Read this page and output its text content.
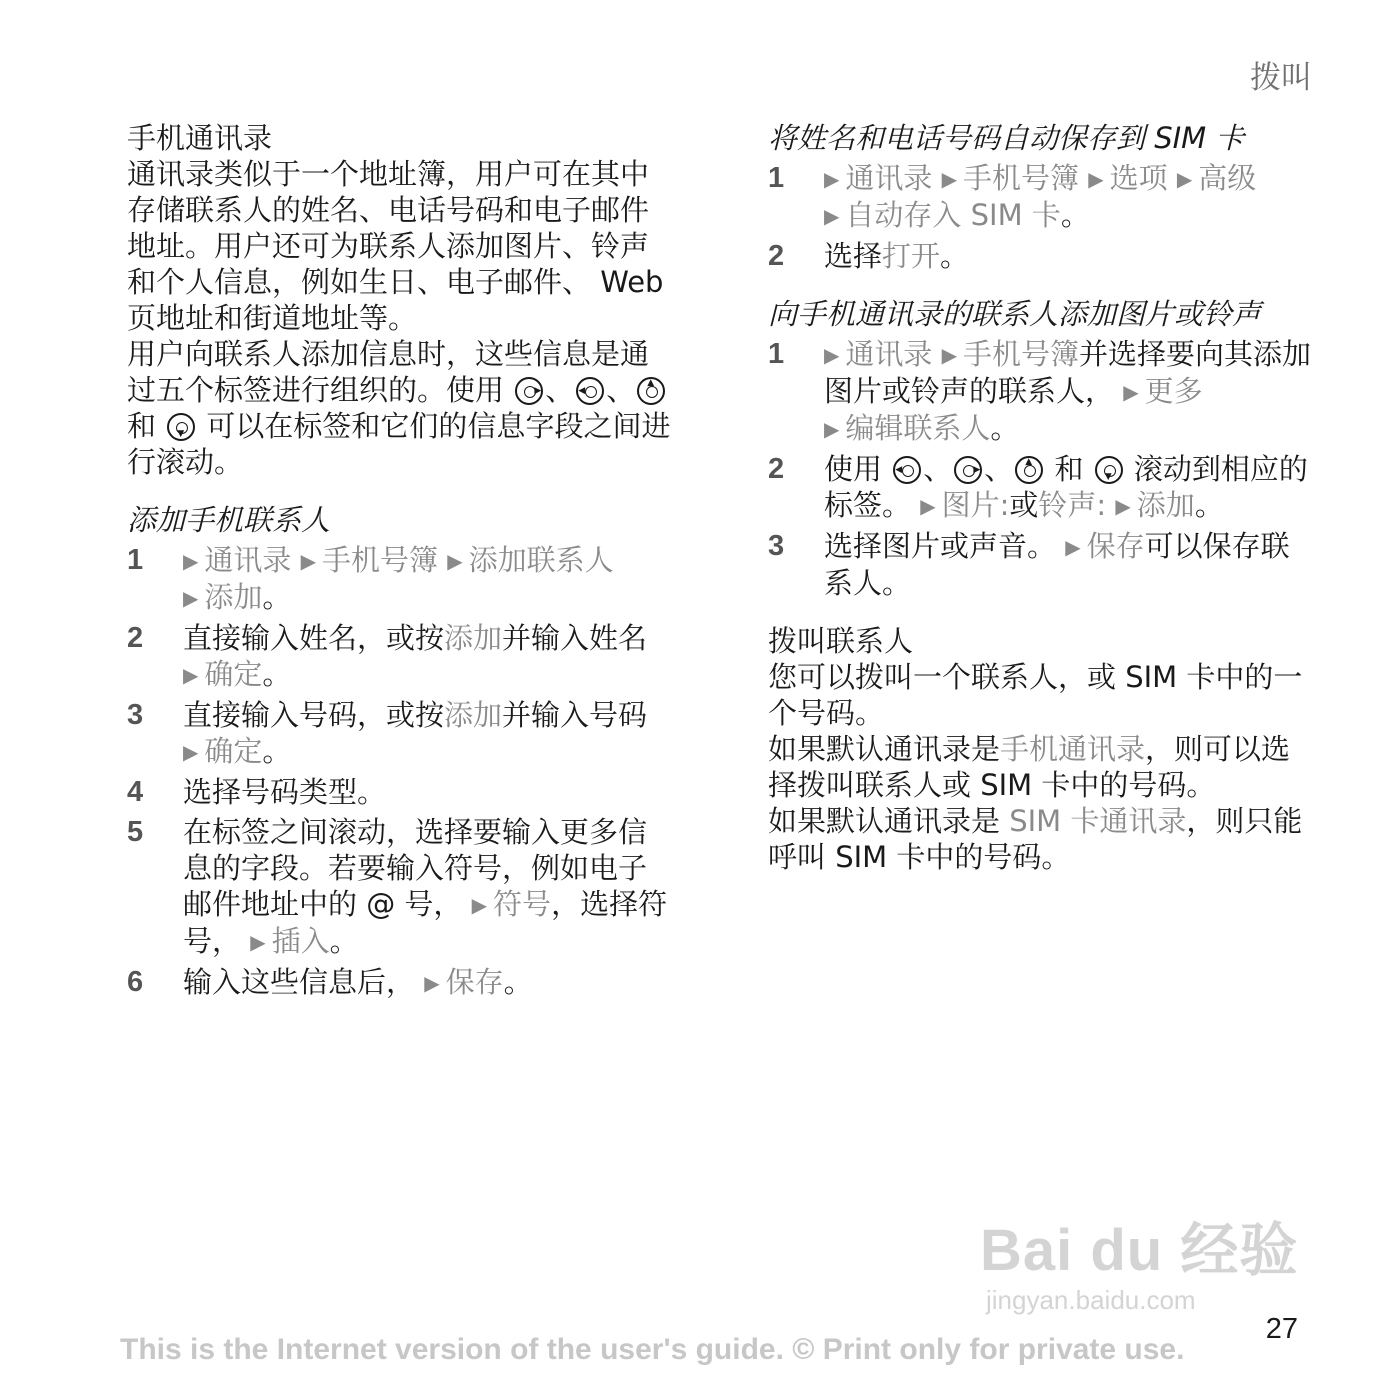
拨叫
手机通讯录
通讯录类似于一个地址簿，用户可在其中存储联系人的姓名、电话号码和电子邮件地址。用户还可为联系人添加图片、铃声和个人信息，例如生日、电子邮件、 Web 页地址和街道地址等。
用户向联系人添加信息时，这些信息是通过五个标签进行组织的。使用 ▶、 ◀ 、▲ 和 ▼ 可以在标签和它们的信息字段之间进行滚动。
添加手机联系人
1	▶ 通讯录 ▶ 手机号簿 ▶ 添加联系人
▶ 添加。
2	直接输入姓名，或按添加并输入姓名 ▶ 确定。
3	直接输入号码，或按添加并输入号码 ▶ 确定。
4	选择号码类型。
5	在标签之间滚动，选择要输入更多信息的字段。若要输入符号，例如电子邮件地址中的 @ 号， ▶ 符号，选择符号， ▶ 插入。
6	输入这些信息后， ▶ 保存。
将姓名和电话号码自动保存到 SIM 卡
1	▶ 通讯录 ▶ 手机号簿 ▶ 选项 ▶ 高级
▶ 自动存入 SIM 卡。
2	选择打开。
向手机通讯录的联系人添加图片或铃声
1	▶ 通讯录 ▶ 手机号簿并选择要向其添加图片或铃声的联系人， ▶ 更多
▶ 编辑联系人。
2	使用 ◀、 ▶ 、▲ 和 ▼ 滚动到相应的标签。 ▶ 图片:或铃声: ▶ 添加。
3	选择图片或声音。 ▶ 保存可以保存联系人。
拨叫联系人
您可以拨叫一个联系人，或 SIM 卡中的一个号码。
如果默认通讯录是手机通讯录，则可以选择拨叫联系人或 SIM 卡中的号码。
如果默认通讯录是 SIM 卡通讯录，则只能呼叫 SIM 卡中的号码。
Bai du 经验
jingyan.baidu.com
27
This is the Internet version of the user's guide. © Print only for private use.
